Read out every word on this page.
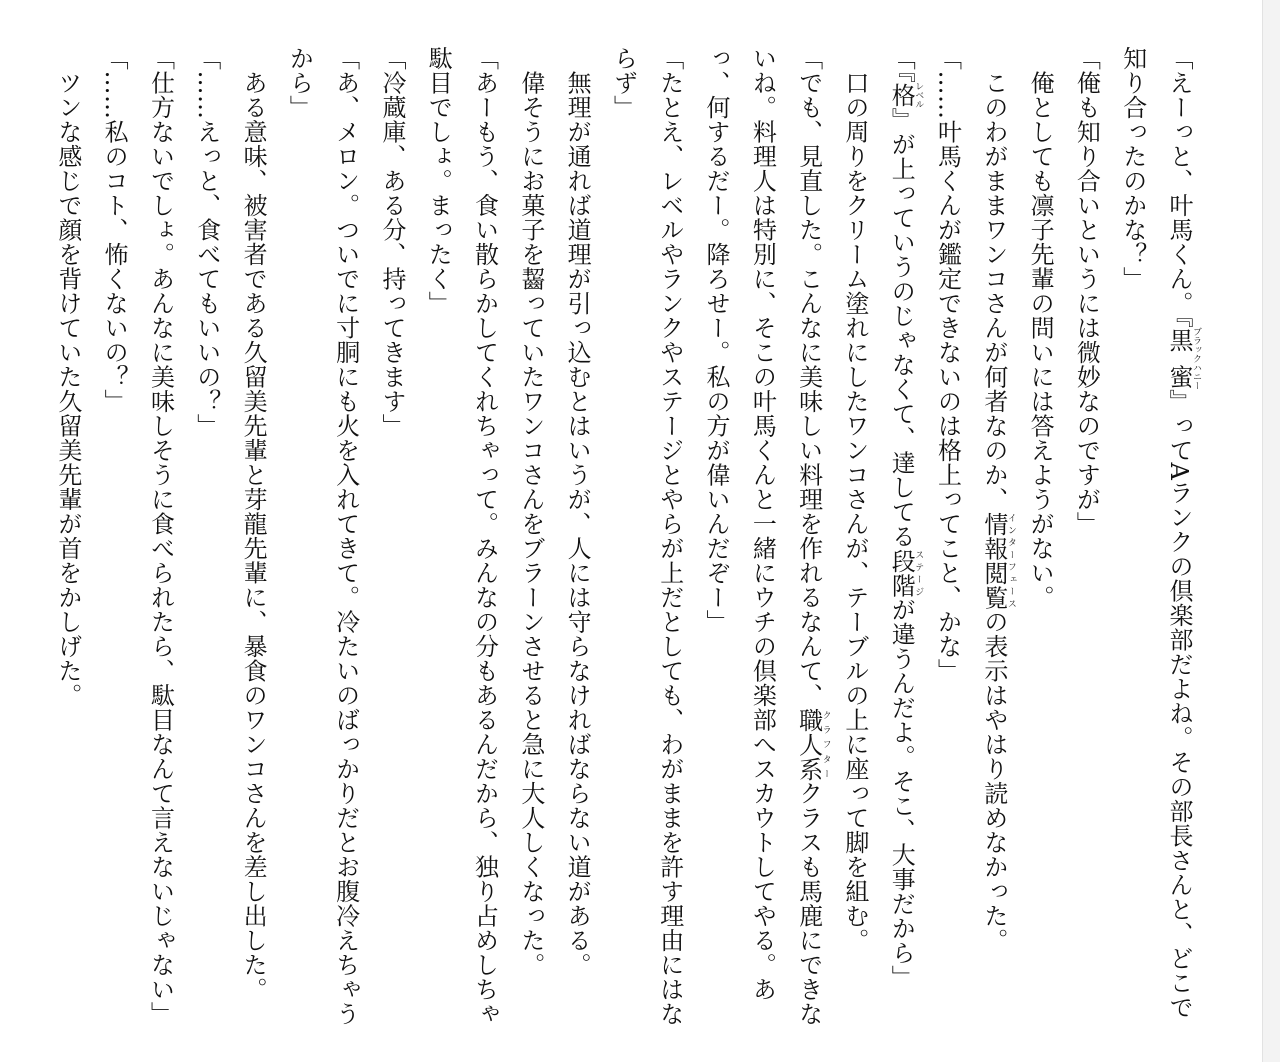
「えーっと、叶馬くん。『黒 蜜ブラックハニー』ってAランクの倶楽部だよね。その部長さんと、どこで知り合ったのかな？」

「俺も知り合いというには微妙なのですが」

　俺としても凛子先輩の問いには答えようがない。

　このわがままワンコさんが何者なのか、情報閲覧インターフェースの表示はやはり読めなかった。

「……叶馬くんが鑑定できないのは格上ってこと、かな」

「『格レベル』が上っていうのじゃなくて、達してる段階ステージが違うんだよ。そこ、大事だから」

　口の周りをクリーム塗れにしたワンコさんが、テーブルの上に座って脚を組む。

「でも、見直した。こんなに美味しい料理を作れるなんて、職人系クラフタークラスも馬鹿にできないね。料理人は特別に、そこの叶馬くんと一緒にウチの倶楽部へスカウトしてやる。あっ、何するだー。降ろせー。私の方が偉いんだぞー」

「たとえ、レベルやランクやステージとやらが上だとしても、わがままを許す理由にはならず」

　無理が通れば道理が引っ込むとはいうが、人には守らなければならない道がある。

　偉そうにお菓子を齧っていたワンコさんをブラーンさせると急に大人しくなった。

「あーもう、食い散らかしてくれちゃって。みんなの分もあるんだから、独り占めしちゃ駄目でしょ。まったく」

「冷蔵庫、ある分、持ってきます」

「あ、メロン。ついでに寸胴にも火を入れてきて。冷たいのばっかりだとお腹冷えちゃうから」

　ある意味、被害者である久留美先輩と芽龍先輩に、暴食のワンコさんを差し出した。

「……えっと、食べてもいいの？」

「仕方ないでしょ。あんなに美味しそうに食べられたら、駄目なんて言えないじゃない」

「……私のコト、怖くないの？」

　ツンな感じで顔を背けていた久留美先輩が首をかしげた。
